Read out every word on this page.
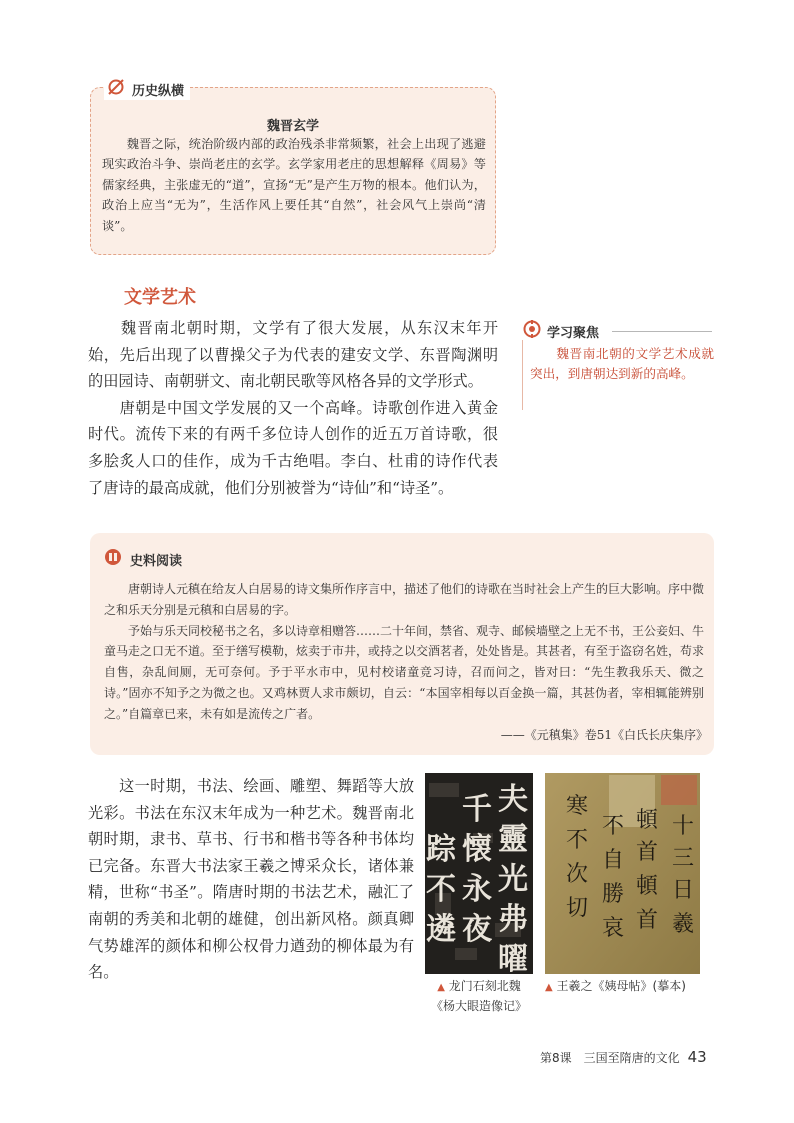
历史纵横
魏晋玄学
　　魏晋之际，统治阶级内部的政治残杀非常频繁，社会上出现了逃避现实政治斗争、崇尚老庄的玄学。玄学家用老庄的思想解释《周易》等儒家经典，主张虚无的“道”，宣扬“无”是产生万物的根本。他们认为，政治上应当“无为”，生活作风上要任其“自然”，社会风气上崇尚“清谈”。
文学艺术
　　魏晋南北朝时期，文学有了很大发展，从东汉末年开始，先后出现了以曹操父子为代表的建安文学、东晋陶渊明的田园诗、南朝骈文、南北朝民歌等风格各异的文学形式。
　　唐朝是中国文学发展的又一个高峰。诗歌创作进入黄金时代。流传下来的有两千多位诗人创作的近五万首诗歌，很多脍炙人口的佳作，成为千古绝唱。李白、杜甫的诗作代表了唐诗的最高成就，他们分别被誉为“诗仙”和“诗圣”。
学习聚焦
　　魏晋南北朝的文学艺术成就突出，到唐朝达到新的高峰。
史料阅读
　　唐朝诗人元稹在给友人白居易的诗文集所作序言中，描述了他们的诗歌在当时社会上产生的巨大影响。序中微之和乐天分别是元稹和白居易的字。
　　予始与乐天同校秘书之名，多以诗章相赠答……二十年间，禁省、观寺、邮候墙壁之上无不书，王公妾妇、牛童马走之口无不道。至于缮写模勒，炫卖于市井，或持之以交酒茗者，处处皆是。其甚者，有至于盗窃名姓，苟求自售，杂乱间厕，无可奈何。予于平水市中，见村校诸童竞习诗，召而问之，皆对曰：“先生教我乐天、微之诗。”固亦不知予之为微之也。又鸡林贾人求市颇切，自云：“本国宰相每以百金换一篇，其甚伪者，宰相辄能辨别之。”自篇章已来，未有如是流传之广者。
——《元稹集》卷51《白氏长庆集序》
　　这一时期，书法、绘画、雕塑、舞蹈等大放光彩。书法在东汉末年成为一种艺术。魏晋南北朝时期，隶书、草书、行书和楷书等各种书体均已完备。东晋大书法家王羲之博采众长，诸体兼精，世称“书圣”。隋唐时期的书法艺术，融汇了南朝的秀美和北朝的雄健，创出新风格。颜真卿气势雄浑的颜体和柳公权骨力遒劲的柳体最为有名。
夫
靈
光
弗
曜
千
懐
永
夜
踪
不
遴
十
三
日
羲
頓
首
頓
首
不
自
勝
哀
寒
不
次
切
▲ 龙门石刻北魏
《杨大眼造像记》
▲ 王羲之《姨母帖》(摹本)
第8课　三国至隋唐的文化 43
